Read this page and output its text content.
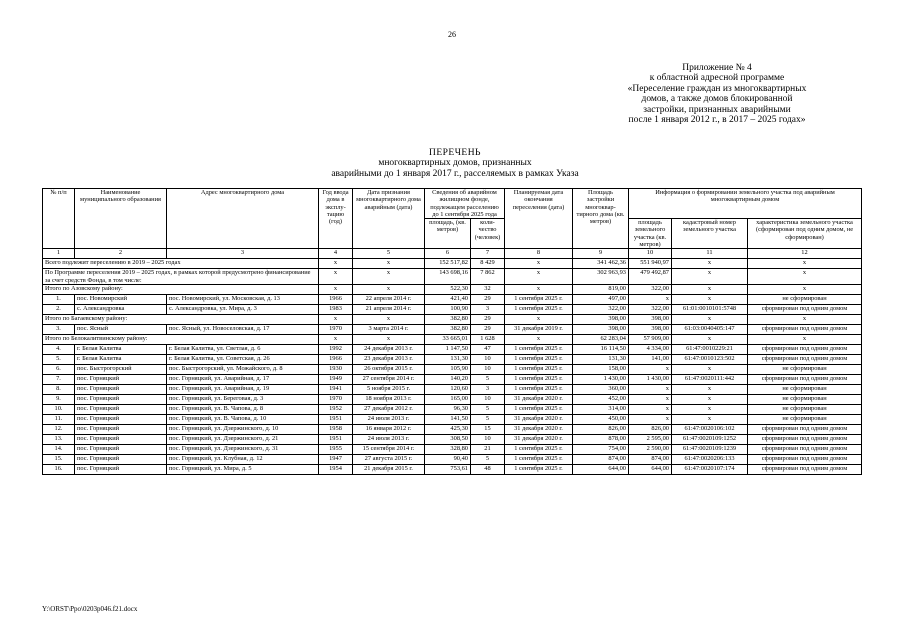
26
Приложение № 4
к областной адресной программе
«Переселение граждан из многоквартирных
домов, а также домов блокированной
застройки, признанных аварийными
после 1 января 2012 г., в 2017 – 2025 годах»
ПЕРЕЧЕНЬ
многоквартирных домов, признанных
аварийными до 1 января 2017 г., расселяемых в рамках Указа
№ п/п	Наименование муниципального образования	Адрес многоквартирного дома	Год ввода дома в эксплу-тацию (год)	Дата признания многоквартирного дома аварийным (дата)	Сведения об аварийном жилищном фонде, подлежащем расселению до 1 сентября 2025 года		Планируемая дата окончания переселения (дата)	Площадь застройки многоквар-тирного дома (кв. метров)	Информация о формировании земельного участка под аварийным многоквартирным домом		
					площадь, (кв. метров)	коли-чество (человек)			площадь земельного участка (кв. метров)	кадастровый номер земельного участка	характеристика земельного участка (сформирован под одним домом, не сформирован)

1	2	3	4	5	6	7	8	9	10	11	12
Всего подлежит переселению в 2019 – 2025 годах			х	х	152 517,82	8 429	х	341 462,36	551 940,97	х	х
По Программе переселения 2019 – 2025 годах, в рамках которой предусмотрено финансирование за счет средств Фонда, в том числе:			х	х	143 698,16	7 862	х	302 963,93	479 492,87	х	х
Итого по Азовскому району:			х	х	522,30	32	х	819,00	322,00	х	х
1.	пос. Новомирский	пос. Новомирский, ул. Московская, д. 13	1966	22 апреля 2014 г.	421,40	29	1 сентября 2025 г.	497,00	х	х	не сформирован
2.	с. Александровка	с. Александровка, ул. Мира, д. 3	1983	21 апреля 2014 г.	100,90	3	1 сентября 2025 г.	322,00	322,00	61:01:0010101:5748	сформирован под одним домом
Итого по Багаевскому району:			х	х	382,80	29	х	398,00	398,00	х	х
3.	пос. Ясный	пос. Ясный, ул. Новоселовская, д. 17	1970	3 марта 2014 г.	382,80	29	31 декабря 2019 г.	398,00	398,00	61:03:0040405:147	сформирован под одним домом
Итого по Белокалитвинскому району:			х	х	33 665,01	1 628	х	62 283,04	57 909,00	х	х
4.	г. Белая Калитва	г. Белая Калитва, ул. Светлая, д. 6	1992	24 декабря 2013 г.	1 147,50	47	1 сентября 2025 г.	16 114,50	4 334,00	61:47:0010229:21	сформирован под одним домом
5.	г. Белая Калитва	г. Белая Калитва, ул. Советская, д. 26	1966	23 декабря 2013 г.	131,30	10	1 сентября 2025 г.	131,30	141,00	61:47:0010123:502	сформирован под одним домом
6.	пос. Быстрогорский	пос. Быстрогорский, ул. Можайского, д. 8	1930	26 октября 2015 г.	105,90	10	1 сентября 2025 г.	158,00	х	х	не сформирован
7.	пос. Горняцкий	пос. Горняцкий, ул. Аварийная, д. 17	1949	27 сентября 2014 г.	140,20	5	1 сентября 2025 г.	1 430,00	1 430,00	61:47:0020111:442	сформирован под одним домом
8.	пос. Горняцкий	пос. Горняцкий, ул. Аварийная, д. 19	1941	5 ноября 2015 г.	120,60	3	1 сентября 2025 г.	360,00	х	х	не сформирован
9.	пос. Горняцкий	пос. Горняцкий, ул. Береговая, д. 3	1970	18 ноября 2013 г.	165,00	10	31 декабря 2020 г.	452,00	х	х	не сформирован
10.	пос. Горняцкий	пос. Горняцкий, ул. В. Чапова, д. 8	1952	27 декабря 2012 г.	96,30	5	1 сентября 2025 г.	314,00	х	х	не сформирован
11.	пос. Горняцкий	пос. Горняцкий, ул. В. Чапова, д. 10	1951	24 июля 2013 г.	141,50	5	31 декабря 2020 г.	450,00	х	х	не сформирован
12.	пос. Горняцкий	пос. Горняцкий, ул. Дзержинского, д. 10	1958	16 января 2012 г.	425,30	15	31 декабря 2020 г.	826,00	826,00	61:47:0020106:102	сформирован под одним домом
13.	пос. Горняцкий	пос. Горняцкий, ул. Дзержинского, д. 21	1951	24 июля 2013 г.	308,50	10	31 декабря 2020 г.	878,00	2 595,00	61:47:0020109:1252	сформирован под одним домом
14.	пос. Горняцкий	пос. Горняцкий, ул. Дзержинского, д. 31	1955	15 сентября 2014 г.	328,80	21	1 сентября 2025 г.	754,00	2 590,00	61:47:0020109:1239	сформирован под одним домом
15.	пос. Горняцкий	пос. Горняцкий, ул. Клубная, д. 12	1947	27 августа 2015 г.	90,40	5	1 сентября 2025 г.	874,00	874,00	61:47:0020206:133	сформирован под одним домом
16.	пос. Горняцкий	пос. Горняцкий, ул. Мира, д. 5	1954	21 декабря 2015 г.	753,61	48	1 сентября 2025 г.	644,00	644,00	61:47:0020107:174	сформирован под одним домом
Y:\ORST\Ppo\0203p046.f21.docx
